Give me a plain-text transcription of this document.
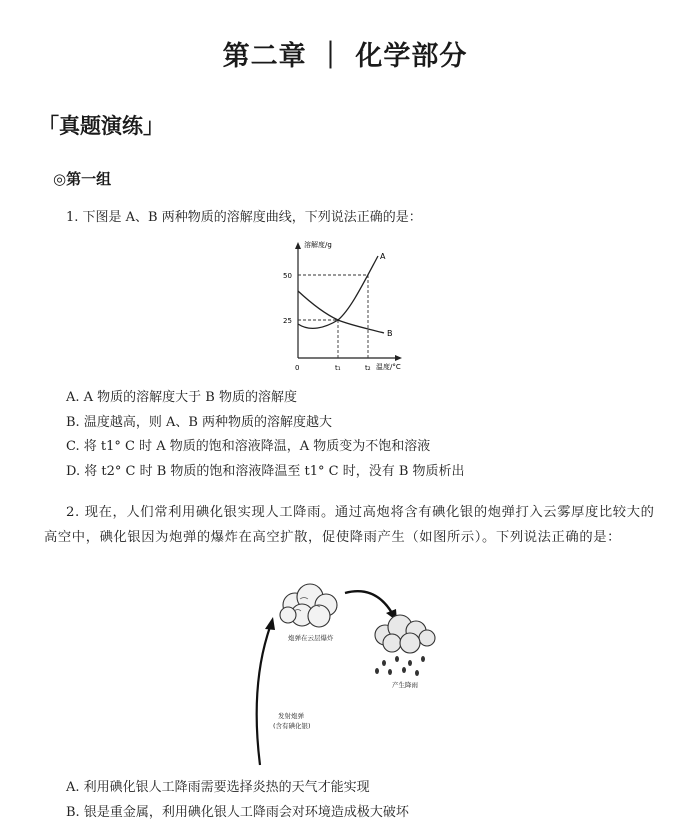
第二章 ｜ 化学部分
「真题演练」
◎第一组
1. 下图是 A、B 两种物质的溶解度曲线，下列说法正确的是：
溶解度/g
温度/°C
0
50
25
t₁	t₂
A
B
A. A 物质的溶解度大于 B 物质的溶解度
B. 温度越高，则 A、B 两种物质的溶解度越大
C. 将 t1° C 时 A 物质的饱和溶液降温，A 物质变为不饱和溶液
D. 将 t2° C 时 B 物质的饱和溶液降温至 t1° C 时，没有 B 物质析出
2. 现在，人们常利用碘化银实现人工降雨。通过高炮将含有碘化银的炮弹打入云雾厚度比较大的高空中，碘化银因为炮弹的爆炸在高空扩散，促使降雨产生（如图所示）。下列说法正确的是：
炮弹在云层爆炸
产生降雨
发射炮弹
(含有碘化银)
A. 利用碘化银人工降雨需要选择炎热的天气才能实现
B. 银是重金属，利用碘化银人工降雨会对环境造成极大破坏
